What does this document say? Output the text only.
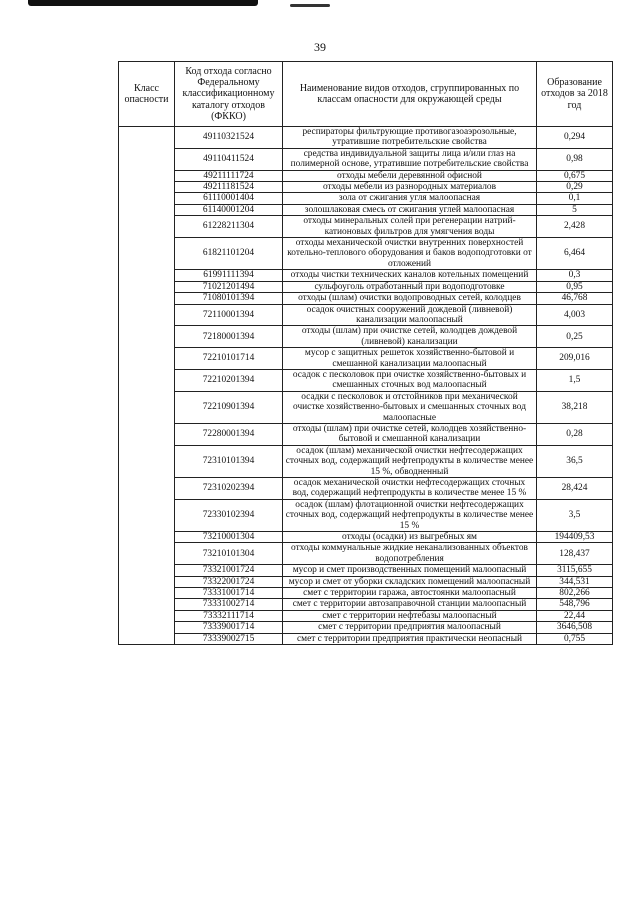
39
Класс опасности	Код отхода согласно Федеральному классификационному каталогу отходов (ФККО)	Наименование видов отходов, сгруппированных по классам опасности для окружающей среды	Образование отходов за 2018 год
	49110321524	респираторы фильтрующие противогазоаэрозольные, утратившие потребительские свойства	0,294
	49110411524	средства индивидуальной защиты лица и/или глаз на полимерной основе, утратившие потребительские свойства	0,98
	49211111724	отходы мебели деревянной офисной	0,675
	49211181524	отходы мебели из разнородных материалов	0,29
	61110001404	зола от сжигания угля малоопасная	0,1
	61140001204	золошлаковая смесь от сжигания углей малоопасная	5
	61228211304	отходы минеральных солей при регенерации натрий-катионовых фильтров для умягчения воды	2,428
	61821101204	отходы механической очистки внутренних поверхностей котельно-теплового оборудования и баков водоподготовки от отложений	6,464
	61991111394	отходы чистки технических каналов котельных помещений	0,3
	71021201494	сульфоуголь отработанный при водоподготовке	0,95
	71080101394	отходы (шлам) очистки водопроводных сетей, колодцев	46,768
	72110001394	осадок очистных сооружений дождевой (ливневой) канализации малоопасный	4,003
	72180001394	отходы (шлам) при очистке сетей, колодцев дождевой (ливневой) канализации	0,25
	72210101714	мусор с защитных решеток хозяйственно-бытовой и смешанной канализации малоопасный	209,016
	72210201394	осадок с песколовок при очистке хозяйственно-бытовых и смешанных сточных вод малоопасный	1,5
	72210901394	осадки с песколовок и отстойников при механической очистке хозяйственно-бытовых и смешанных сточных вод малоопасные	38,218
	72280001394	отходы (шлам) при очистке сетей, колодцев хозяйственно-бытовой и смешанной канализации	0,28
	72310101394	осадок (шлам) механической очистки нефтесодержащих сточных вод, содержащий нефтепродукты в количестве менее 15 %, обводненный	36,5
	72310202394	осадок механической очистки нефтесодержащих сточных вод, содержащий нефтепродукты в количестве менее 15 %	28,424
	72330102394	осадок (шлам) флотационной очистки нефтесодержащих сточных вод, содержащий нефтепродукты в количестве менее 15 %	3,5
	73210001304	отходы (осадки) из выгребных ям	194409,53
	73210101304	отходы коммунальные жидкие неканализованных объектов водопотребления	128,437
	73321001724	мусор и смет производственных помещений малоопасный	3115,655
	73322001724	мусор и смет от уборки складских помещений малоопасный	344,531
	73331001714	смет с территории гаража, автостоянки малоопасный	802,266
	73331002714	смет с территории автозаправочной станции малоопасный	548,796
	73332111714	смет с территории нефтебазы малоопасный	22,44
	73339001714	смет с территории предприятия малоопасный	3646,508
	73339002715	смет с территории предприятия практически неопасный	0,755
